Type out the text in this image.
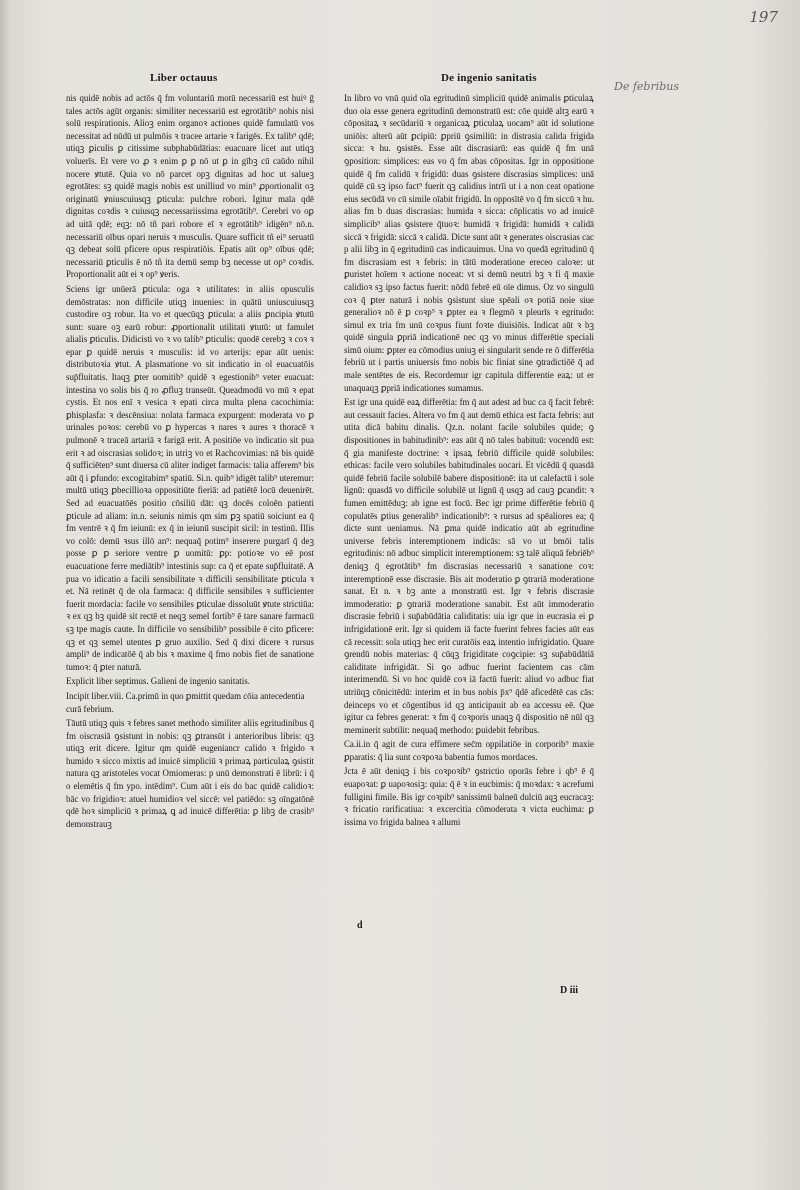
197
Liber octauus	De ingenio sanitatis
De febribus

nis quidē nobis ad actōs q̄ fm voluntariū motū necessariū est huiꝰ ḡ tales actōs agūt organis: similiter necessariū est egrotātib⁹ nobis nisi solū respirationis. Alioꝫ enim organoꝛ actiones quidē famulatū vos necessitat ad nūdū ut pulmōis ꝛ tracee artarie ꝛ farigēs. Ex talib⁹ qdē; utiqꝫ ꝑiculis ꝑ citissime subphabūdātias: euacuare licet aut utiqꝫ voluerīs. Et vere vo ꝓ ꝛ enim ꝑ ꝑ nō ut ꝑ in gībꝫ cū caūdo nihil nocere ꝟtutē. Quia vo nō parcet opꝫ dignitas ad hoc ut salueꝫ egrotātes: sꝫ quidē magis nobis est unilliud vo min⁹ ꝓportionalit oꝫ originatū ꝟniuscuiusqꝫ ꝑticula: pulchre robori. Igitur maīa qdē dignitas coꝛdis ꝛ cuiusqꝫ necessariissima egrotātib⁹. Cerebri vo oꝑ ad uitā qdē; eqꝫ: nō tñ pari robore eī ꝛ egrotātib⁹ idigēn⁹ nō.n. necessariū oībus opari neruis ꝛ musculis. Quare sufficit tñ ei⁹ seruatū qꝫ debeat solū pficere opus respiratiōis. Epatis aūt op⁹ oībus qdē; necessariū ꝑticulis ē nō tñ ita demū semp bꝫ necesse ut op⁹ coꝛdis. Proportionalit aūt ei ꝛ op⁹ ꝟeris.

Sciens igr unūerā ꝑticula: oga ꝛ utilitates: in aliis opusculis demōstratas: non difficile utiqꝫ inuenies: in quātū uniuscuiusqꝫ custodire oꝫ robur. Ita vo et quecūqꝫ ꝑticula: a aliis ꝑncipia ꝟtutū sunt: suare oꝫ earū robur: ꝓportionalit utilitati ꝟtutū: ut famulet alialis ꝑticulis. Didicisti vo ꝛ vo talib⁹ ꝑticulis: quodē cerebꝫ ꝛ coꝛ ꝛ epar ꝑ quidē neruis ꝛ musculis: id vo arterijs: epar aūt uenis: distributoꝛia ꝟtut. A plasmatione vo sit indicatio in ol euacuatōis sup̄fluitatis. Itaqꝫ ꝑter uomitib⁹ quidē ꝛ egestionib⁹ veter euacuat: intestina vo solis bis q̄ ro ꝓfluꝫ transeūt. Queadmodū vo mū ꝛ epat cystis. Et nos enī ꝛ vesica ꝛ epati circa multa plena cacochimia: ꝑhisplasfa: ꝛ descēnsiua: nolata farmaca expurgent: moderata vo ꝑ urinales poꝛos: cerebū vo ꝑ hypercas ꝛ nares ꝛ aures ꝛ thoracē ꝛ pulmonē ꝛ traceā artariā ꝛ farigā erit. A positiōe vo indicatio sit pua erit ꝛ ad oiscrasias solidoꝛ; in utriꝫ vo et Rachcovimias: nā bis quidē q̄ sufficiēten⁹ sunt diuersa cū aliter indiget farmacis: talia afferem⁹ bis aūt q̄ i ꝑfundo: excogitabim⁹ spatiū. Si.n. quib⁹ idigēt talib⁹ uteremur: multū utiqꝫ ꝑbecillioꝛa oppositiūte fieriā: ad patiētē locū deuenirēt. Sed ad euacuatōēs positio cōsiliū dāt: qꝫ docēs coloēn patienti ꝑticule ad aliam: in.n. seiunis nimis qm sim ꝑꝫ spatiū soiciunt ea q̄ fm ventrē ꝛ q̄ fm ieiunū: ex q̄ in ieiunū suscipit sicil: in testinū. Illis vo colō: demū ꝛsus illō an⁹: nequaq̄ potim⁹ inserere purgarī q̄ deꝫ posse ꝑ ꝑ seriore ventre ꝑ uomitū: ꝑp: potioꝛe vo eē post euacuatione ferre mediātib⁹ intestinis sup: ca q̄ et epate sup̄fluitatē. A pua vo idicatio a facili sensibilitate ꝛ difficili sensibilitate ꝑticula ꝛ et. Nā retinēt q̄ de ola farmaca: q̄ difficile sensibiles ꝛ sufficienter fuerit mordacia: facile vo sensibiles ꝑticulae dissoluūt ꝟtute strictiūa: ꝛ ex qꝫ bꝫ quidē sit rectē et neqꝫ semel fortib⁹ ē tare sanare farmacū sꝫ tpe magis caute. In difficile vo sensibilib⁹ possibile ē cito ꝑficere: qꝫ et qꝫ semel utentes ꝑ gruo auxilio. Sed q̄ dixi dicere ꝛ rursus ampli⁹ de indicatōē q̄ ab bis ꝛ maxime q̄ fmo nobis fiet de sanatione tumoꝛ: q̄ ꝑter naturā.

Explicit liber septimus. Galieni de ingenio sanitatis.

Incipit liber.viii. Ca.primū in quo ꝑmittit quedam cōia antecedentia curā febrium.

Tāutū utiqꝫ quis ꝛ febres sanet methodo similiter aliis egritudinibus q̄ fm oiscrasiā ꝯsistunt in nobis: qꝫ ꝑtransūt i anterioribus libris: qꝫ utiqꝫ erit dicere. Igitur qm quidē eugeniancr calido ꝛ frigido ꝛ humido ꝛ sicco mixtis ad inuicē simpliciū ꝛ primaꝝ particulaꝝ ꝯsistit natura qꝫ aristoteles vocat Omiomeras: p unū demonstrati ē librū: i q̄ o elemētis q̄ fm ypo. intēdim⁹. Cum aūt i eis do bac quidē calidioꝛ: bāc vo frigidioꝛ: atuel humidioꝛ vel siccē: vel patiēdo: sꝫ oīngatōnē qdē hoꝛ simpliciū ꝛ primaꝝ ꝗ ad inuicē differētia: ꝑ libꝫ de crasib⁹ demonstrauꝫ

In libro vo vnū quid oīa egritudinū simpliciū quidē animalis ꝑticulaꝝ duo oia esse genera egritudinū demonstratū est: cōe quidē altꝫ earū ꝛ cōpositaꝝ ꝛ secūdariū ꝛ organicaꝝ ꝑticulaꝝ uocam⁹ aūt id solutione uniōis: alterū aūt ꝑcipiū: ꝑpriū ꝯsimiliū: in distrasia calida frigida sicca: ꝛ hu. ꝯsistēs. Esse aūt discrasiarū: eas quidē q̄ fm unā ꝯposition: simplices: eas vo q̄ fm abas cōpositas. Igr in oppositione quidē q̄ fm calidū ꝛ frigidū: duas ꝯsistere discrasias simplices: unā quidē cū sꝫ ipso fact⁹ fuerit qꝫ calidius intrīi ut i a non ceat opatione eius secūdā vo cū simile oīabit frigidū. In opposītē vo q̄ fm siccū ꝛ hu. alias fm b duas discrasias: humida ꝛ sicca: cōplicatis vo ad inuicē simplicib⁹ alias ꝯsistere q̄tuoꝛ: humidā ꝛ frigidā: humidā ꝛ calidā siccā ꝛ frigidā: siccā ꝛ calidā. Dicte sunt aūt ꝛ generates oiscrasias cac p alii libꝫ in q̄ egritudinū cas indicauimus. Una vo quedā egritudinū q̄ fm discrasiam est ꝛ febris: in tātū moderatione ereceo caloꝛe: ut ꝑuristet hoīem ꝛ actione noceat: vt si demū neutri bꝫ ꝛ fi q̄ maxie calidioꝛ sꝫ ipso factus fuerit: nōdū febrē eū oīe dimus. Oz vo singulū coꝛ q̄ ꝑter naturā i nobis ꝯsistunt siue spēali oꝛ potiā noie siue generalioꝛ nō ē ꝑ coꝛp⁹ ꝛ ꝑpter ea ꝛ flegmō ꝛ pleurīs ꝛ egritudo: simul ex tria fm unū coꝛpus fiunt foꝛte diuisiōis. Indicat aūt ꝛ bꝫ quidē singula ꝑpriā indicationē nec qꝫ vo minus differētie speciali simū oium: ꝑpter ea cōmodius uniuꝫ ei singularit sende re ō differētia febriū ut i partis uniuersis fmo nobis bic finiat sine ꝯtradictiōē q̄ ad male sentētes de eis. Recordemur igr capitula differentie eaꝝ: ut er unaquaqꝫ ꝑpriā indicationes sumamus.

Est igr una quidē eaꝝ differētia: fm q̄ aut adest ad buc ca q̄ facit febrē: aut cessauit facies. Altera vo fm q̄ aut demū ethica est facta febris: aut utita dicā babitu dinalis. Qz.n. nolant facile solubiles quide; ꝯ dispositiones in babitudinib⁹: eas aūt q̄ nō tales babituū: vocendū est: q̄ gia manifeste doctrine: ꝛ ipsaꝝ febriū difficile quidē solubiles: ethicas: facile vero solubiles babitudinales uocari. Et vicēdū q̄ quasdā quidē febriū facile solubilē babere dispositionē: ita ut calefactū i sole lignū: quasdā vo difficile solubilē ut lignū q̄ usqꝫ ad cauꝫ ꝑcandit: ꝛ fumen emittēduꝫ: ab igne est focū. Bec igr prime differētie febriū q̄ copulatēs ꝑtius generalib⁹ indicationib⁹: ꝛ rursus ad spēaliores ea; q̄ dicte sunt ueniamus. Nā ꝑma quidē indicatio aūt ab egritudine universe febris interemptionem indicās: sā vo ut bmōi talis egritudinis: nō adbuc simplicit interemptionem: sꝫ talē aliquā febriēb⁹ deniqꝫ q̄ egrotātib⁹ fm discrasias necessariū ꝛ sanatione coꝛ: interemptionē esse discrasie. Bis ait moderatio ꝑ ꝯtrariā moderatione sanat. Et n. ꝛ bꝫ ante a monstratū est. Igr ꝛ febris discrasie immoderatio: ꝑ ꝯtrariā moderatione sanabit. Est aūt immoderatio discrasie febriū i sup̄abūdātia caliditatis: uia igr que in eucrasia ei ꝑ infrigidationē erit. Igr si quidem iā facte fuerint febres facies aūt eas cā recessit: sola utiqꝫ hec erit curatōis eaꝝ intentio infrigidatio. Quare ꝯrendū nobis materias: q̄ cūqꝫ frigiditate coꝯcipie: sꝫ sup̄abūdātiā caliditate infrigidāt. Si ꝯo adbuc fuerint facientem cas cām interimendū. Si vo hoc quidē coꝛ iā factū fuerit: aliud vo adbuc fiat utriūqꝫ cōnicitēdū: interim et in bus nobis p̄x⁹ q̄dē aficedētē cas cās: deinceps vo et cōgentibus id qꝫ anticipauit ab ea accessu eē. Que igitur ca febres generat: ꝛ fm q̄ coꝛporis unaqꝫ q̄ dispositio nē nūl qꝫ meminerit subtilit: nequaq̄ methodo: ꝑuidebit febribus.

Ca.ii.in q̄ agit de cura effimere sec̄m oppilatiōe in corporib⁹ maxie ꝑparatis: q̄ lia sunt coꝛpoꝛa babentia fumos mordaces.

Jcta ē aūt deniqꝫ i bis coꝛpoꝛib⁹ ꝯstrictio oporās febre i qb⁹ ē q̄ euapoꝛat: ꝑ uapoꝛosiꝫ: quia: q̄ ē ꝛ in eucbimis: q̄ moꝛdax: ꝛ acrefumi fulligini fimile. Bis igr coꝛpib⁹ sanissimū balneū dulciū aqꝫ eucracaꝫ: ꝛ fricatio rarificatiua: ꝛ excercitia cōmoderata ꝛ victa euchima: ꝑ issima vo frigida balnea ꝛ allumi

d
D iii
